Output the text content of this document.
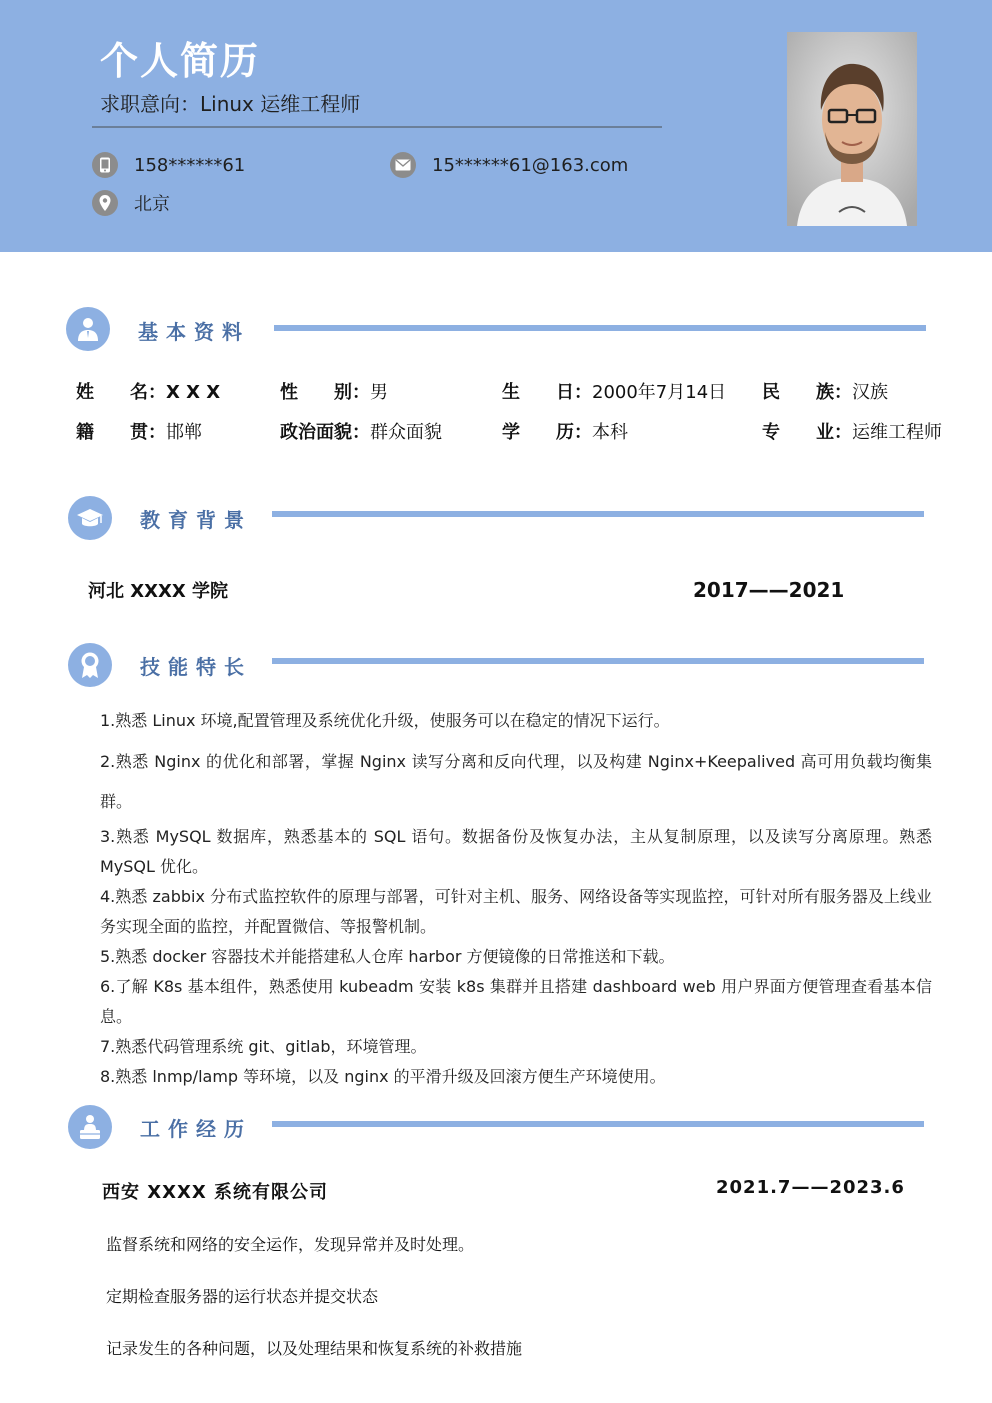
个人简历
求职意向：Linux 运维工程师
158******61	15******61@163.com
北京
基本资料
姓　　名：X X X	性　　别：男	生　　日：2000年7月14日 民　　族：汉族
籍　　贯：邯郸	政治面貌：群众面貌	学　　历：本科	专　　业：运维工程师
教育背景
河北 XXXX 学院	2017——2021
技能特长

1.熟悉 Linux 环境,配置管理及系统优化升级，使服务可以在稳定的情况下运行。

2.熟悉 Nginx 的优化和部署，掌握 Nginx 读写分离和反向代理，以及构建 Nginx+Keepalived 高可用负载均衡集群。

3.熟悉 MySQL 数据库，熟悉基本的 SQL 语句。数据备份及恢复办法，主从复制原理，以及读写分离原理。熟悉 MySQL 优化。

4.熟悉 zabbix 分布式监控软件的原理与部署，可针对主机、服务、网络设备等实现监控，可针对所有服务器及上线业务实现全面的监控，并配置微信、等报警机制。

5.熟悉 docker 容器技术并能搭建私人仓库 harbor 方便镜像的日常推送和下载。

6.了解 K8s 基本组件，熟悉使用 kubeadm 安装 k8s 集群并且搭建 dashboard web 用户界面方便管理查看基本信息。

7.熟悉代码管理系统 git、gitlab，环境管理。

8.熟悉 lnmp/lamp 等环境，以及 nginx 的平滑升级及回滚方便生产环境使用。

工作经历
西安 XXXX 系统有限公司	2021.7——2023.6
监督系统和网络的安全运作，发现异常并及时处理。
定期检查服务器的运行状态并提交状态
记录发生的各种问题，以及处理结果和恢复系统的补救措施
